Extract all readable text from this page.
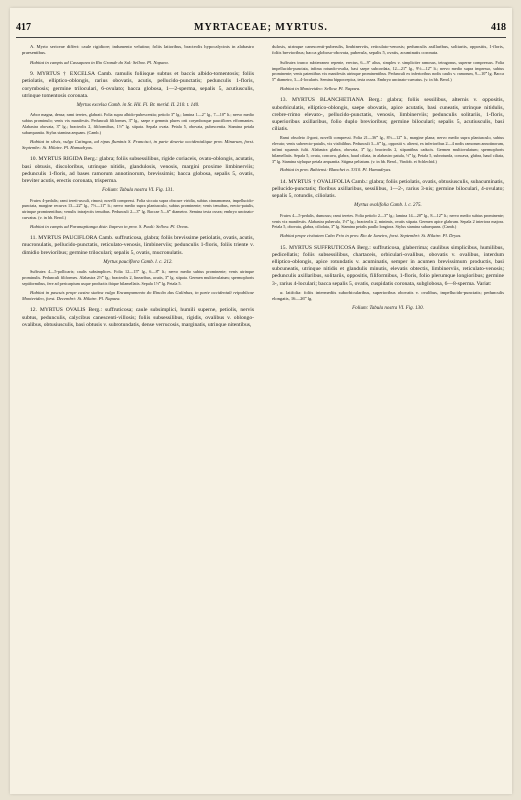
417	MYRTACEAE; MYRTUS.	418

A. Myrto sericeae differt: caule rigidiore; indumento velutino; foliis latioribus, bracteolis hypocalycinis in alabastro praesentibus.

Habitat in campis ad Cassapava in Rio Grande do Sul: Sellow. Pl. Napaea.

9. MYRTUS † EXCELSA Camb. ramulis foliisque subtus et baccis albido-tomentosis; foliis petiolatis, elliptico-oblongis, rarius obovatis, acutis, pellucido-punctatis; pedunculis 1-floris, corymbosis; germine triloculari, 6-ovulato; bacca globosa, 1—2-sperma, sepalis 5, acutiusculis, utrinque tomentosis coronata.

Myrtus excelsa Camb. in St. Hil. Fl. Br. merid. II. 210. t. 140.

Arbor magna, densa; rami teretes, glabrati. Folia supra albido-pubescentia; petiolo 3‴ lg.; lamina 1—2″ lg., 7—10‴ lt.; nervo medio subtus prominulo; venis vix manifestis. Pedunculi filiformes, 3‴ lg., saepe e gemmis plures orti corymbosque pauciflores efformantes. Alabastra obovata, 3‴ lg.; bracteolis 2, filiformibus, 1½‴ lg. stipata. Sepala ovata. Petala 5, obovata, pubescentia. Stamina petala subaequantia. Stylus stamina aequans. (Camb.)

Habitat in silvis, vulgo Catingas, ad ripas fluminis S. Francisci, in parte deserta occidentalique prov. Minarum, forst. Septembr.: St. Hilaire. Pl. Hamadryas.

10. MYRTUS RIGIDA Berg.: glabra; foliis subsessilibus, rigide coriaceis, ovato-oblongis, acutatis, basi obtusis, discoloribus, utrinque nitidis, glandulosis, venosis, margini proxime limbinerviis; pedunculis 1-floris, ad bases ramorum annotinorum, brevissimis; bacca globosa, sepalis 5, ovatis, breviter acutis, erectis coronata, trisperma.

Folium: Tabula nostra VI. Fig. 131.

Frutex 4-pedalis; rami tereti-usculi, rimosi; novelli compressi. Folia siccata supra obscure viridia, subtus cinnamomea, impellucido-punctata, margine recurva 13—22‴ lg., 7½—11‴ lt.; nervo medio supra planiusculo, subtus prominente; venis tenuibus, erecto-patulis, utrinque prominentibus; venulis intrajectis tenuibus. Pedunculi 2—3‴ lg. Baccae 5—6‴ diametro. Semina testa ossea; embryo uncinato-curvatus. (v. in hb. Berol.)

Habitat in campis ad Paranapitanga distr. Itapeva in prov. S. Pauli: Sellow. Pl. Oreas.

11. MYRTUS PAUCIFLORA Camb. suffruticosa, glabra; foliis brevissime petiolatis, ovatis, acutis, mucronulatis, pellucido-punctatis, reticulato-venosis, limbinerviis; pedunculis 1-floris, foliis triente v. dimidio brevioribus; germine triloculari; sepalis 5, ovatis, mucronulatis.

Myrtus pauciflora Camb. l. c. 212.

Suffrutex 4—5-pollicaris; caulis subsimplices. Folia 12—15‴ lg., 6—8‴ lt.; nervo medio subtus prominente; venis utrinque prominulis. Pedunculi filiformes. Alabastra 2½‴ lg.; bracteolis 2, linearibus, acutis, 3‴ lg. stipata. Germen multiovulatum; spermophoris septiformibus, fere ad pericarpium usque productis ibique bilamellatis. Sepala 1½‴ lg. Petala 5.

Habitat in pascuis prope castra stativa vulgo Encampamento do Rincão das Galinhas, in parte occidentali reipublicae Montevideo, forst. Decembri: St. Hilaire. Pl. Napaea.

12. MYRTUS OVALIS Berg.: suffruticosa; caule subsimplici, humili superne, petiolis, nervis subtus, pedunculis, calycibus canescenti-villosis; foliis subsessilibus, rigidis, ovalibus v. oblongo-ovalibus, obtusiusculis, basi obtusis v. subrotundatis, dense verrucosis, marginatis, utrinque nitentibus,

dulosis, utrinque canescenti-puberulis, limbinerviis, reticulato-venosis; pedunculis axillaribus, solitariis, oppositis, 1-floris, foliis brevioribus; bacca globoso-obovata, puberula, sepalis 5, ovatis, acuminatis coronata.

Suffrutex trunco subterraneo repente, erectus, 6—9″ altus, simplex v. simpliciter ramosus, tetragonus, superne compressus. Folia impellucido-punctata, infima rotundo-ovalia, basi saepe subcordata, 12—21‴ lg., 9½—12‴ lt.; nervo medio supra impresso, subtus prominente; venis patentibus vix manifestis utrinque prominentibus. Pedunculi ex inferioribus nodis caulis v. ramorum, 9—10‴ lg. Bacca 5‴ diametro, 3—4-locularis. Semina hippocrepica, testa ossea. Embryo uncinato-curvatus. (v. in hb. Berol.)

Habitat in Montevideo: Sellow. Pl. Napaea.

13. MYRTUS BLANCHETIANA Berg.: glabra; foliis sessilibus, alternis v. oppositis, suborbiculatis, elliptico-oblongis, saepe obovatis, apice acutatis, basi cuneatis, utrinque nitidulis, crebre-rrimo elevato-, pellucido-punctatis, venosis, limbinerviis; pedunculis solitariis, 1-floris, superioribus axillaribus, folio duplo brevioribus; germine biloculari; sepalis 5, acutiusculis, basi ciliatis.

Rami obsoleto 4-goni, novelli compressi. Folia 21—36‴ lg., 8½—12‴ lt., margine plana; nervo medio supra planiusculo, subtus elevato; venis suberecto-patulis, vix visibilibus. Pedunculi 3—6‴ lg., oppositi v. alterni, ex inferioribus 2—4 nodis ramorum annotinorum, infimi squamis fulti. Alabastra glabra, obovata, 3‴ lg.; bracteolis 2, stipantibus caducis. Germen multiovulatum; spermophoris bilamellatis. Sepala 5, ovata, concava, glabra, haud ciliata, in alabastro patula, ½‴ lg. Petala 5, subrotunda, concava, glabra, haud ciliata, 3‴ lg. Stamina styluque petala aequantia. Stigma peltatum. (v. in hb. Berol., Vindob. et Schlechtd.)

Habitat in prov. Bahiensi: Blanchet n. 3310. Pl. Hamadryas.

14. MYRTUS † OVALIFOLIA Camb.: glabra; foliis petiolatis, ovatis, obtusiusculis, subacuminatis, pellucido-punctatis; floribus axillaribus, sessilibus, 1—2-, rarius 3-nis; germine biloculari, 4-ovulato; sepalis 5, rotundis, ciliolatis.

Myrtus ovalifolia Camb. l. c. 275.

Frutex 4—5-pedalis, dumosus; rami teretes. Folia petiolo 2—3‴ lg.; lamina 14—20‴ lg., 8—12‴ lt.; nervo medio subtus prominente; venis vix manifestis. Alabastra puberula, 1½‴ lg.; bracteolis 2, minimis, ovatis stipata. Germen apice glabrum. Sepala 2 interiora majora. Petala 5, obovata, glabra, ciliolata, 3‴ lg. Stamina petalis paullo longiora. Stylus stamina subaequans. (Camb.)

Habitat prope civitatem Cabo Frio in prov. Rio de Janeiro, forst. Septembri: St. Hilaire. Pl. Dryas.

15. MYRTUS SUFFRUTICOSA Berg.: suffruticosa, glaberrima; caulibus simplicibus, humilibus, pedicellatis; foliis subsessilibus, chartaceis, orbiculari-ovalibus, obovatis v. ovalibus, interdum elliptico-oblongis, apice rotundatis v. acuminatis, semper in acumen brevissimum productis, basi subcuneatis, utrinque nitidis et glandulis minutis, elevatis obtectis, limbinerviis, reticulato-venosis; pedunculis axillaribus, solitariis, oppositis, filiformibus, 1-floris, folio plerumque longioribus; germine 3-, rarius 4-loculari; bacca sepalis 5, ovatis, cuspidatis coronata, subglobosa, 6—8-sperma. Variat:

α. latifolia: foliis intermediis suborbicularibus, superioribus obovatis v. ovalibus, impellucido-punctatis; pedunculis elongatis, 16—26‴ lg.

Folium: Tabula nostra VI. Fig. 130.
